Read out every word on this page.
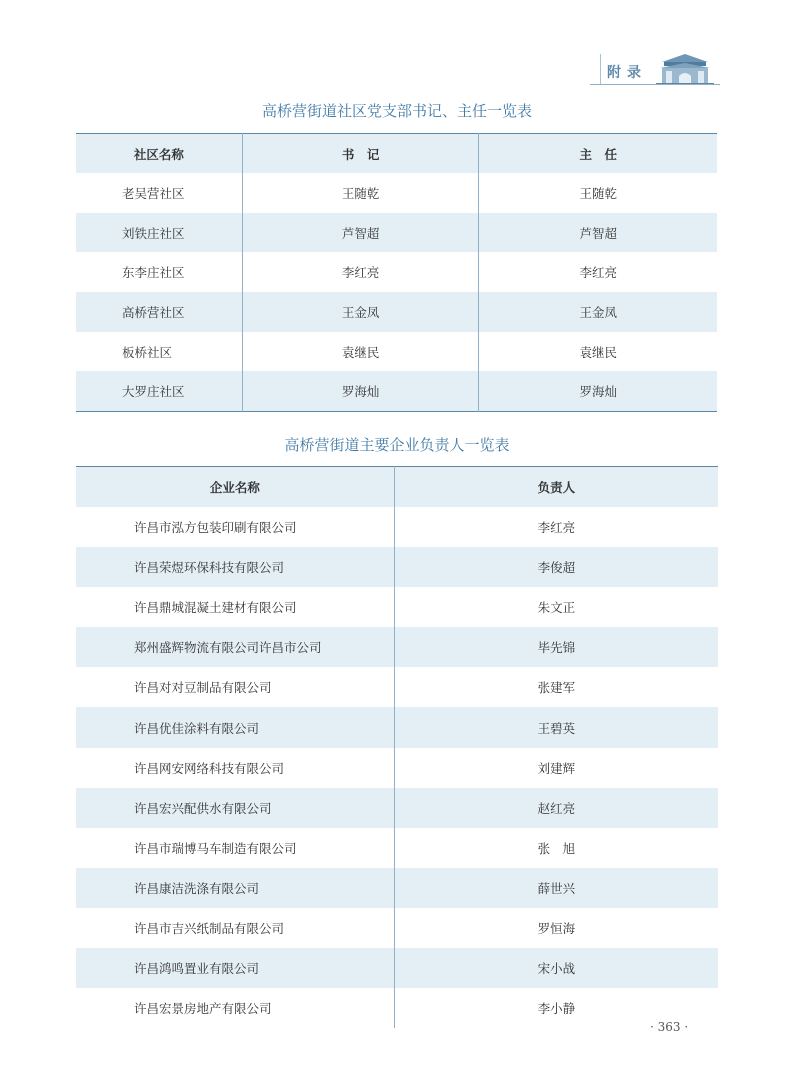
附录
高桥营街道社区党支部书记、主任一览表
社区名称	书　记	主　任
老吴营社区	王随乾	王随乾
刘铁庄社区	芦智超	芦智超
东李庄社区	李红亮	李红亮
高桥营社区	王金凤	王金凤
板桥社区	袁继民	袁继民
大罗庄社区	罗海灿	罗海灿
高桥营街道主要企业负责人一览表
企业名称	负责人
许昌市泓方包装印刷有限公司	李红亮
许昌荣煜环保科技有限公司	李俊超
许昌鼎城混凝土建材有限公司	朱文正
郑州盛辉物流有限公司许昌市公司	毕先锦
许昌对对豆制品有限公司	张建军
许昌优佳涂料有限公司	王碧英
许昌网安网络科技有限公司	刘建辉
许昌宏兴配供水有限公司	赵红亮
许昌市瑞博马车制造有限公司	张　旭
许昌康洁洗涤有限公司	薛世兴
许昌市吉兴纸制品有限公司	罗恒海
许昌鸿鸣置业有限公司	宋小战
许昌宏景房地产有限公司	李小静
· 363 ·
